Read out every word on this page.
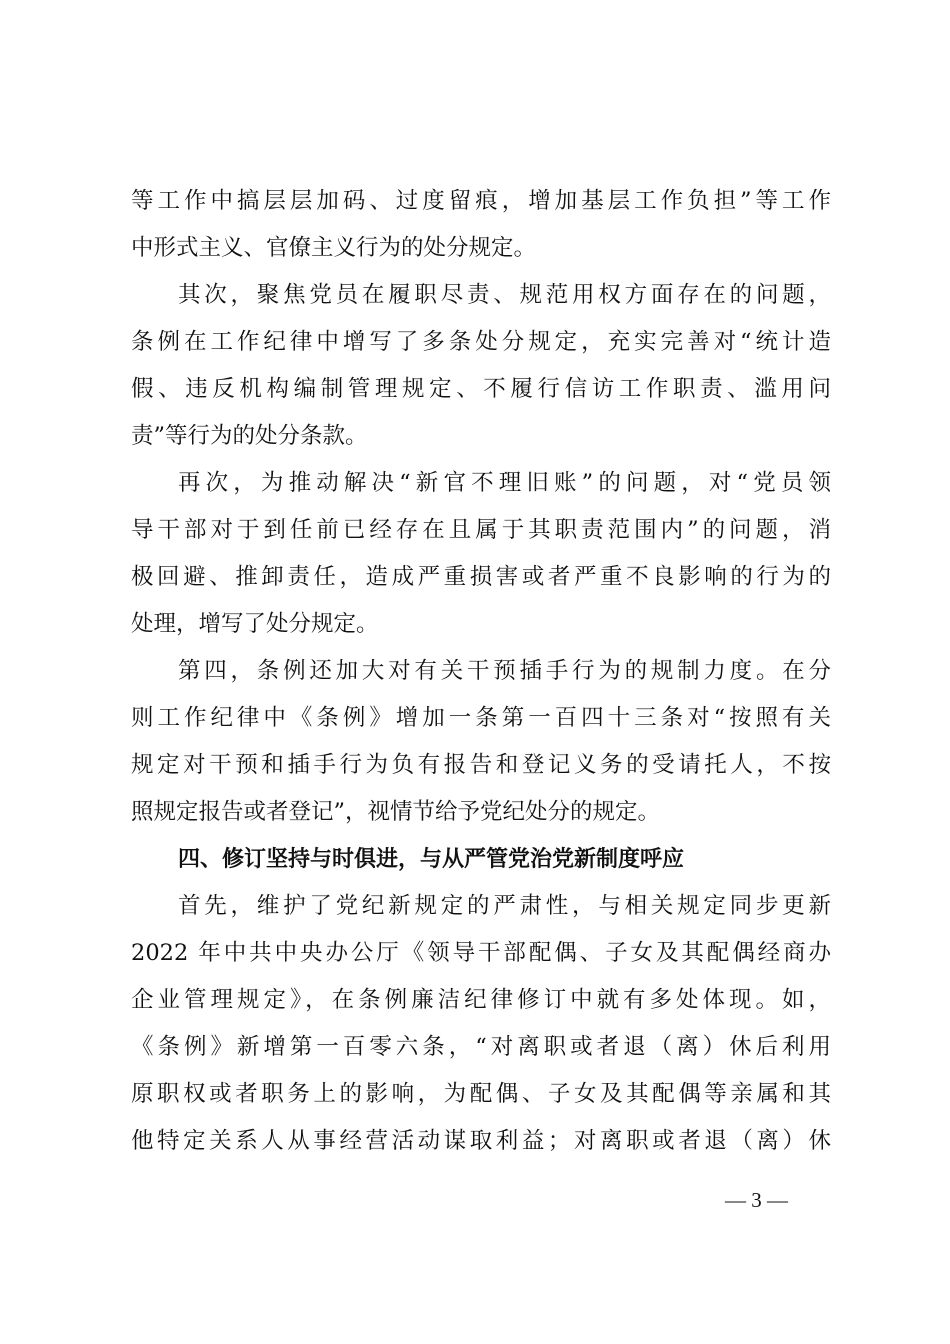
等工作中搞层层加码、过度留痕，增加基层工作负担”等工作
中形式主义、官僚主义行为的处分规定。
其次，聚焦党员在履职尽责、规范用权方面存在的问题，
条例在工作纪律中增写了多条处分规定，充实完善对“统计造
假、违反机构编制管理规定、不履行信访工作职责、滥用问
责”等行为的处分条款。
再次，为推动解决“新官不理旧账”的问题，对“党员领
导干部对于到任前已经存在且属于其职责范围内”的问题，消
极回避、推卸责任，造成严重损害或者严重不良影响的行为的
处理，增写了处分规定。
第四，条例还加大对有关干预插手行为的规制力度。在分
则工作纪律中《条例》增加一条第一百四十三条对“按照有关
规定对干预和插手行为负有报告和登记义务的受请托人，不按
照规定报告或者登记”，视情节给予党纪处分的规定。
四、修订坚持与时俱进，与从严管党治党新制度呼应
首先，维护了党纪新规定的严肃性，与相关规定同步更新
2022 年中共中央办公厅《领导干部配偶、子女及其配偶经商办
企业管理规定》，在条例廉洁纪律修订中就有多处体现。如，
《条例》新增第一百零六条，“对离职或者退（离）休后利用
原职权或者职务上的影响，为配偶、子女及其配偶等亲属和其
他特定关系人从事经营活动谋取利益；对离职或者退（离）休
— 3 —
